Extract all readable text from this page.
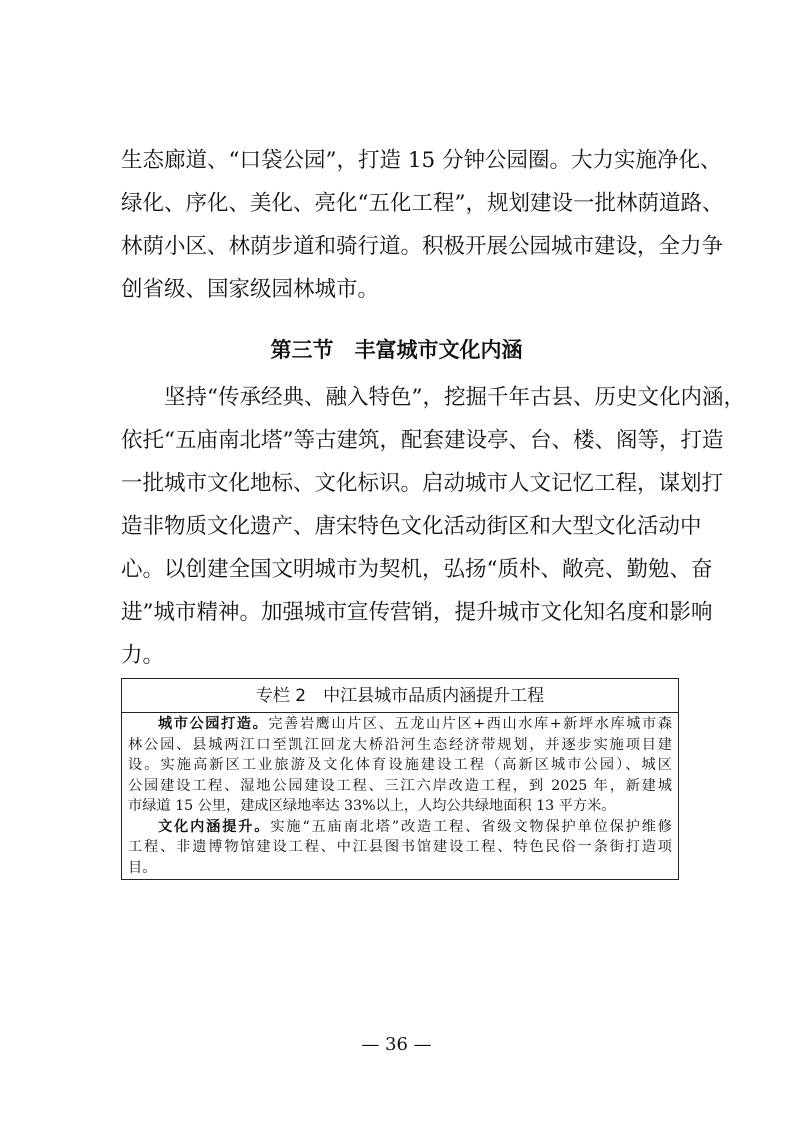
生态廊道、“口袋公园”，打造 15 分钟公园圈。大力实施净化、
绿化、序化、美化、亮化“五化工程”，规划建设一批林荫道路、
林荫小区、林荫步道和骑行道。积极开展公园城市建设，全力争
创省级、国家级园林城市。
第三节　丰富城市文化内涵
坚持“传承经典、融入特色”，挖掘千年古县、历史文化内涵，
依托“五庙南北塔”等古建筑，配套建设亭、台、楼、阁等，打造
一批城市文化地标、文化标识。启动城市人文记忆工程，谋划打
造非物质文化遗产、唐宋特色文化活动街区和大型文化活动中
心。以创建全国文明城市为契机，弘扬“质朴、敞亮、勤勉、奋
进”城市精神。加强城市宣传营销，提升城市文化知名度和影响
力。
专栏 2　中江县城市品质内涵提升工程
城市公园打造。完善岩鹰山片区、五龙山片区+西山水库+新坪水库城市森
林公园、县城两江口至凯江回龙大桥沿河生态经济带规划，并逐步实施项目建
设。实施高新区工业旅游及文化体育设施建设工程（高新区城市公园）、城区
公园建设工程、湿地公园建设工程、三江六岸改造工程，到 2025 年，新建城
市绿道 15 公里，建成区绿地率达 33%以上，人均公共绿地面积 13 平方米。
文化内涵提升。实施“五庙南北塔”改造工程、省级文物保护单位保护维修
工程、非遗博物馆建设工程、中江县图书馆建设工程、特色民俗一条街打造项
目。
— 36 —
